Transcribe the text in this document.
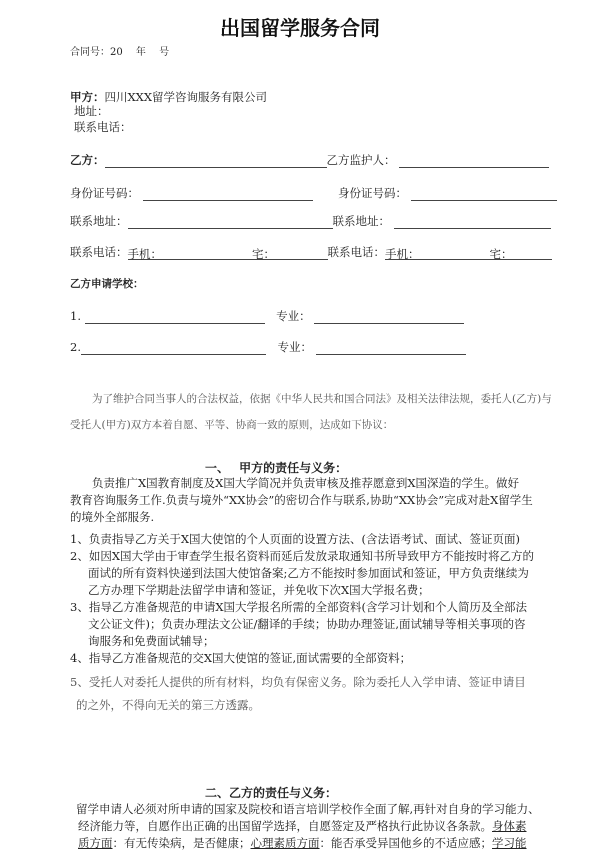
出国留学服务合同
合同号：20　 年　 号
甲方：四川XXX留学咨询服务有限公司
地址：
联系电话：
乙方：	乙方监护人：
身份证号码：	身份证号码：
联系地址：	联系地址：
联系电话：手机：	宅：	联系电话：手机：	宅：
乙方申请学校：
1. 　	专业：
2.　	专业：
为了维护合同当事人的合法权益，依据《中华人民共和国合同法》及相关法律法规，委托人(乙方)与
受托人(甲方)双方本着自愿、平等、协商一致的原则，达成如下协议：
一、　 甲方的责任与义务：
负责推广X国教育制度及X国大学简况并负责审核及推荐愿意到X国深造的学生。做好
教育咨询服务工作.负责与境外“XX协会”的密切合作与联系,协助“XX协会”完成对赴X留学生
的境外全部服务.
1、负责指导乙方关于X国大使馆的个人页面的设置方法、(含法语考试、面试、签证页面)
2、如因X国大学由于审查学生报名资料而延后发放录取通知书所导致甲方不能按时将乙方的
面试的所有资料快递到法国大使馆备案;乙方不能按时参加面试和签证，甲方负责继续为
乙方办理下学期赴法留学申请和签证，并免收下次X国大学报名费；
3、指导乙方准备规范的申请X国大学报名所需的全部资料(含学习计划和个人简历及全部法
文公证文件)；负责办理法文公证/翻译的手续；协助办理签证,面试辅导等相关事项的咨
询服务和免费面试辅导；
4、指导乙方准备规范的交X国大使馆的签证,面试需要的全部资料；
5、受托人对委托人提供的所有材料，均负有保密义务。除为委托人入学申请、签证申请目
的之外，不得向无关的第三方透露。
二、乙方的责任与义务：
留学申请人必须对所申请的国家及院校和语言培训学校作全面了解,再针对自身的学习能力、
经济能力等，自愿作出正确的出国留学选择，自愿签定及严格执行此协议各条款。身体素
质方面：有无传染病，是否健康；心理素质方面：能否承受异国他乡的不适应感；学习能
